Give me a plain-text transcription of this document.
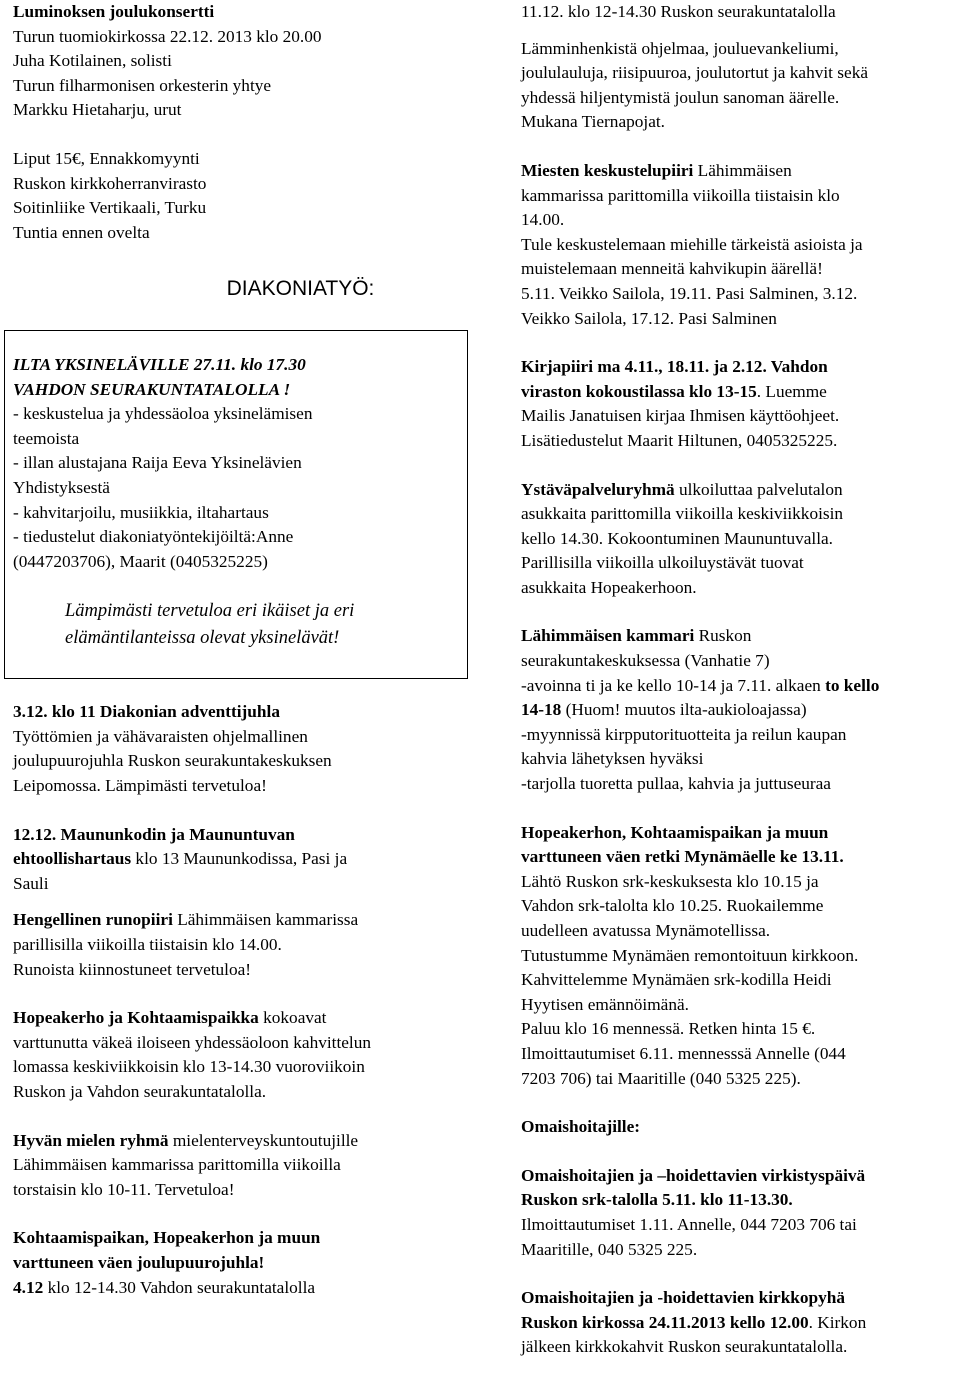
Luminoksen joulukonsertti
Turun tuomiokirkossa 22.12. 2013 klo 20.00
Juha Kotilainen, solisti
Turun filharmonisen orkesterin yhtye
Markku Hietaharju, urut
Liput 15€, Ennakkomyynti
Ruskon kirkkoherranvirasto
Soitinliike Vertikaali, Turku
Tuntia ennen ovelta
DIAKONIATYÖ:
ILTA YKSINELÄVILLE 27.11. klo 17.30
VAHDON SEURAKUNTATALOLLA !
- keskustelua ja yhdessäoloa yksinelämisen
teemoista
- illan alustajana Raija Eeva Yksinelävien
Yhdistyksestä
- kahvitarjoilu, musiikkia, iltahartaus
- tiedustelut diakoniatyöntekijöiltä:Anne
(0447203706), Maarit (0405325225)
Lämpimästi tervetuloa eri ikäiset ja eri
elämäntilanteissa olevat yksinelävät!
3.12. klo 11 Diakonian adventtijuhla
Työttömien ja vähävaraisten ohjelmallinen
joulupuurojuhla Ruskon seurakuntakeskuksen
Leipomossa. Lämpimästi tervetuloa!
12.12. Maununkodin ja Maununtuvan
ehtoollishartaus klo 13 Maununkodissa, Pasi ja
Sauli
Hengellinen runopiiri Lähimmäisen kammarissa
parillisilla viikoilla tiistaisin klo 14.00.
Runoista kiinnostuneet tervetuloa!
Hopeakerho ja Kohtaamispaikka kokoavat
varttunutta väkeä iloiseen yhdessäoloon kahvittelun
lomassa keskiviikkoisin klo 13-14.30 vuoroviikoin
Ruskon ja Vahdon seurakuntatalolla.
Hyvän mielen ryhmä mielenterveyskuntoutujille
Lähimmäisen kammarissa parittomilla viikoilla
torstaisin klo 10-11. Tervetuloa!
Kohtaamispaikan, Hopeakerhon ja muun
varttuneen väen joulupuurojuhla!
4.12 klo 12-14.30 Vahdon seurakuntatalolla
11.12. klo 12-14.30 Ruskon seurakuntatalolla
Lämminhenkistä ohjelmaa, jouluevankeliumi,
joululauluja, riisipuuroa, joulutortut ja kahvit sekä
yhdessä hiljentymistä joulun sanoman äärelle.
Mukana Tiernapojat.
Miesten keskustelupiiri Lähimmäisen
kammarissa parittomilla viikoilla tiistaisin klo
14.00.
Tule keskustelemaan miehille tärkeistä asioista ja
muistelemaan menneitä kahvikupin äärellä!
5.11. Veikko Sailola, 19.11. Pasi Salminen, 3.12.
Veikko Sailola, 17.12. Pasi Salminen
Kirjapiiri ma 4.11., 18.11. ja 2.12. Vahdon
viraston kokoustilassa klo 13-15. Luemme
Mailis Janatuisen kirjaa Ihmisen käyttöohjeet.
Lisätiedustelut Maarit Hiltunen, 0405325225.
Ystäväpalveluryhmä ulkoiluttaa palvelutalon
asukkaita parittomilla viikoilla keskiviikkoisin
kello 14.30. Kokoontuminen Maununtuvalla.
Parillisilla viikoilla ulkoiluystävät tuovat
asukkaita Hopeakerhoon.
Lähimmäisen kammari Ruskon
seurakuntakeskuksessa (Vanhatie 7)
-avoinna ti ja ke kello 10-14 ja 7.11. alkaen to kello
14-18 (Huom! muutos ilta-aukioloajassa)
-myynnissä kirpputorituotteita ja reilun kaupan
kahvia lähetyksen hyväksi
-tarjolla tuoretta pullaa, kahvia ja juttuseuraa
Hopeakerhon, Kohtaamispaikan ja muun
varttuneen väen retki Mynämäelle ke 13.11.
Lähtö Ruskon srk-keskuksesta klo 10.15 ja
Vahdon srk-talolta klo 10.25. Ruokailemme
uudelleen avatussa Mynämotellissa.
Tutustumme Mynämäen remontoituun kirkkoon.
Kahvittelemme Mynämäen srk-kodilla Heidi
Hyytisen emännöimänä.
Paluu klo 16 mennessä. Retken hinta 15 €.
Ilmoittautumiset 6.11. mennesssä Annelle (044
7203 706) tai Maaritille (040 5325 225).
Omaishoitajille:
Omaishoitajien ja –hoidettavien virkistyspäivä
Ruskon srk-talolla 5.11. klo 11-13.30.
Ilmoittautumiset 1.11. Annelle, 044 7203 706 tai
Maaritille, 040 5325 225.
Omaishoitajien ja -hoidettavien kirkkopyhä
Ruskon kirkossa 24.11.2013 kello 12.00. Kirkon
jälkeen kirkkokahvit Ruskon seurakuntatalolla.
